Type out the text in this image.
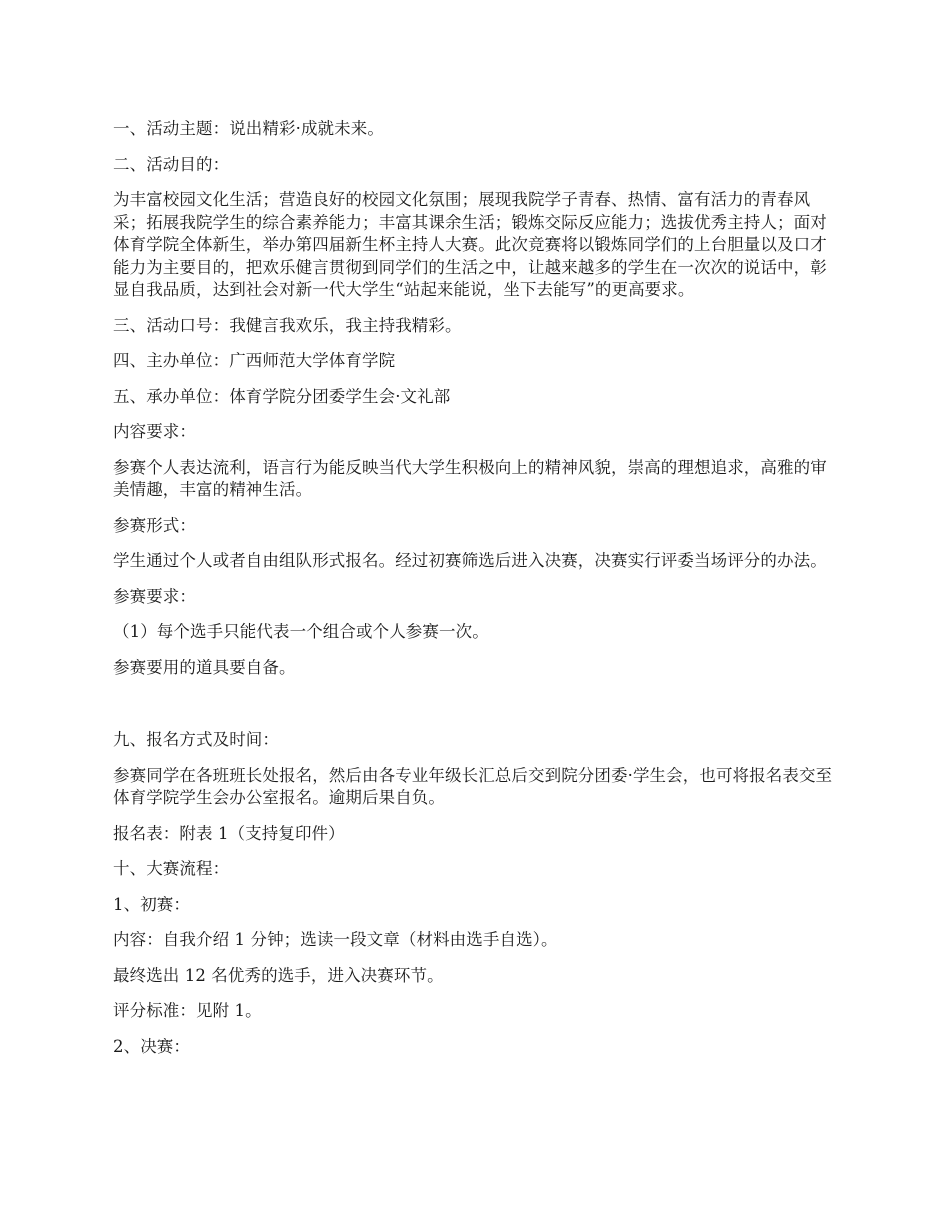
一、活动主题：说出精彩·成就未来。

二、活动目的：

为丰富校园文化生活；营造良好的校园文化氛围；展现我院学子青春、热情、富有活力的青春风采；拓展我院学生的综合素养能力；丰富其课余生活；锻炼交际反应能力；选拔优秀主持人；面对体育学院全体新生，举办第四届新生杯主持人大赛。此次竞赛将以锻炼同学们的上台胆量以及口才能力为主要目的，把欢乐健言贯彻到同学们的生活之中，让越来越多的学生在一次次的说话中，彰显自我品质，达到社会对新一代大学生“站起来能说，坐下去能写”的更高要求。

三、活动口号：我健言我欢乐，我主持我精彩。

四、主办单位：广西师范大学体育学院

五、承办单位：体育学院分团委学生会·文礼部

内容要求：

参赛个人表达流利，语言行为能反映当代大学生积极向上的精神风貌，崇高的理想追求，高雅的审美情趣，丰富的精神生活。

参赛形式：

学生通过个人或者自由组队形式报名。经过初赛筛选后进入决赛，决赛实行评委当场评分的办法。

参赛要求：

（1）每个选手只能代表一个组合或个人参赛一次。

参赛要用的道具要自备。

九、报名方式及时间：

参赛同学在各班班长处报名，然后由各专业年级长汇总后交到院分团委·学生会，也可将报名表交至体育学院学生会办公室报名。逾期后果自负。

报名表：附表 1（支持复印件）

十、大赛流程：

1、初赛：

内容：自我介绍 1 分钟；选读一段文章（材料由选手自选）。

最终选出 12 名优秀的选手，进入决赛环节。

评分标准：见附 1。

2、决赛：
